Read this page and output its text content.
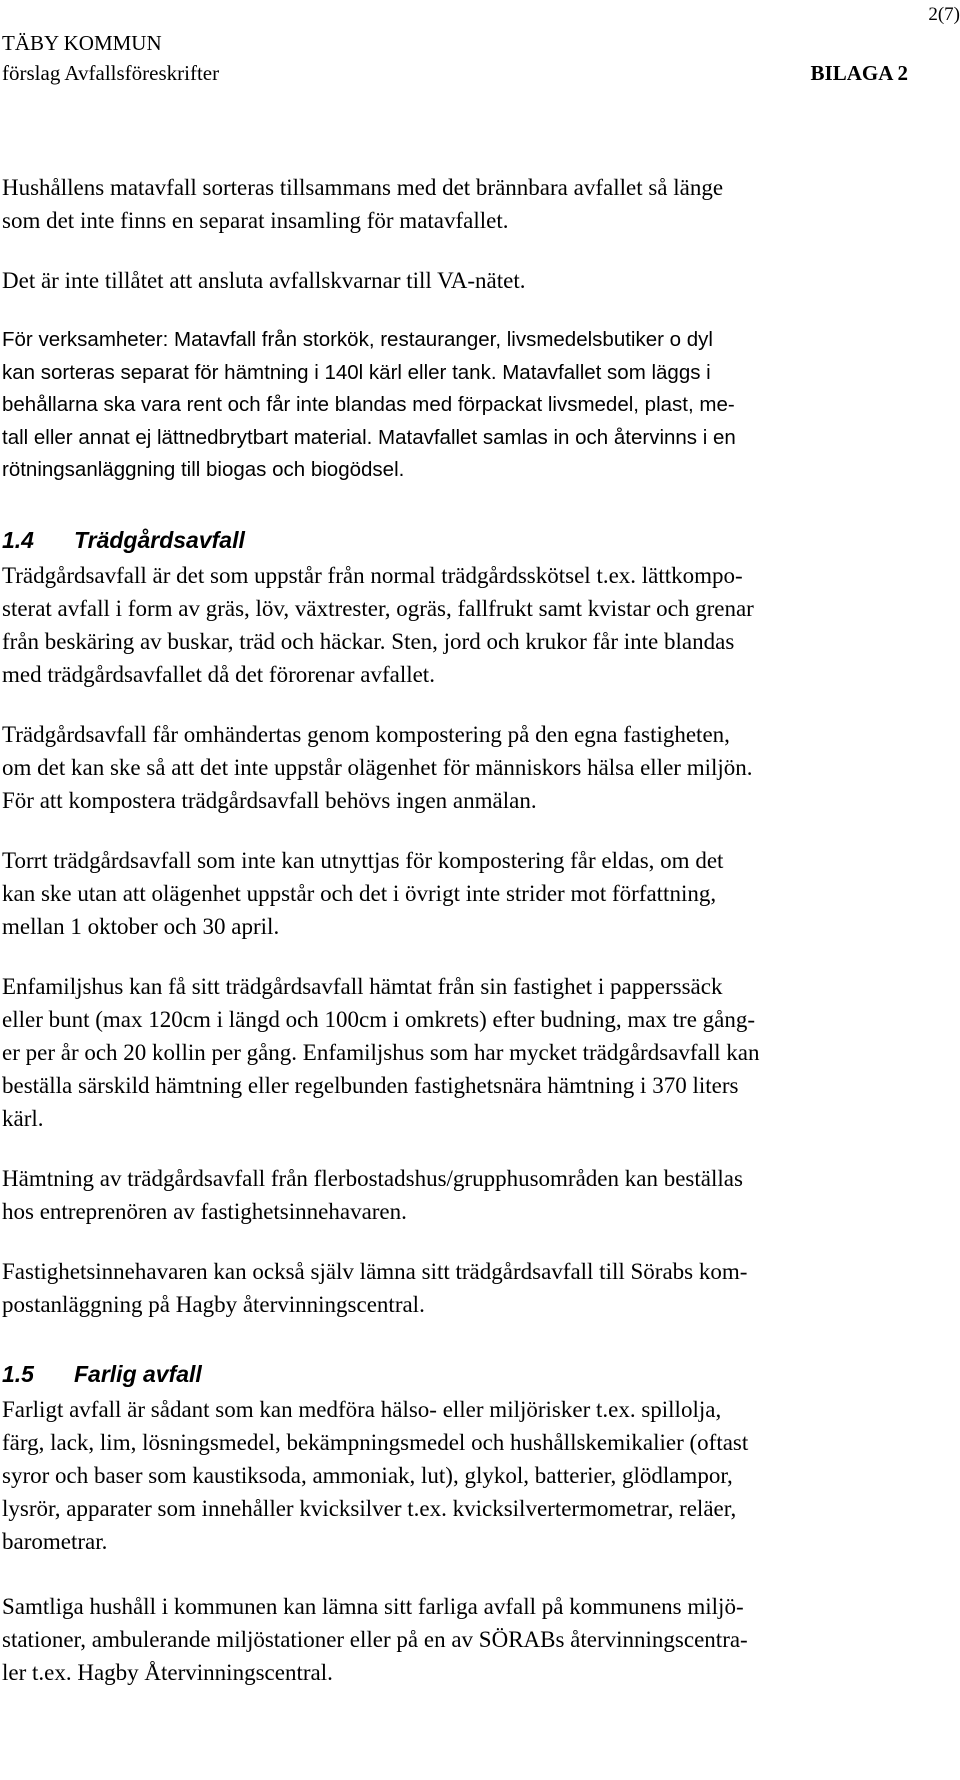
2(7)
TÄBY KOMMUN
förslag Avfallsföreskrifter	BILAGA 2

Hushållens matavfall sorteras tillsammans med det brännbara avfallet så länge

som det inte finns en separat insamling för matavfallet.

Det är inte tillåtet att ansluta avfallskvarnar till VA-nätet.

För verksamheter: Matavfall från storkök, restauranger, livsmedelsbutiker o dyl

kan sorteras separat för hämtning i 140l kärl eller tank. Matavfallet som läggs i

behållarna ska vara rent och får inte blandas med förpackat livsmedel, plast, me-

tall eller annat ej lättnedbrytbart material. Matavfallet samlas in och återvinns i en

rötningsanläggning till biogas och biogödsel.

1.4 Trädgårdsavfall

Trädgårdsavfall är det som uppstår från normal trädgårdsskötsel t.ex. lättkompo-

sterat avfall i form av gräs, löv, växtrester, ogräs, fallfrukt samt kvistar och grenar

från beskäring av buskar, träd och häckar. Sten, jord och krukor får inte blandas

med trädgårdsavfallet då det förorenar avfallet.

Trädgårdsavfall får omhändertas genom kompostering på den egna fastigheten,

om det kan ske så att det inte uppstår olägenhet för människors hälsa eller miljön.

För att kompostera trädgårdsavfall behövs ingen anmälan.

Torrt trädgårdsavfall som inte kan utnyttjas för kompostering får eldas, om det

kan ske utan att olägenhet uppstår och det i övrigt inte strider mot författning,

mellan 1 oktober och 30 april.

Enfamiljshus kan få sitt trädgårdsavfall hämtat från sin fastighet i papperssäck

eller bunt (max 120cm i längd och 100cm i omkrets) efter budning, max tre gång-

er per år och 20 kollin per gång. Enfamiljshus som har mycket trädgårdsavfall kan

beställa särskild hämtning eller regelbunden fastighetsnära hämtning i 370 liters

kärl.

Hämtning av trädgårdsavfall från flerbostadshus/grupphusområden kan beställas

hos entreprenören av fastighetsinnehavaren.

Fastighetsinnehavaren kan också själv lämna sitt trädgårdsavfall till Sörabs kom-

postanläggning på Hagby återvinningscentral.

1.5 Farlig avfall

Farligt avfall är sådant som kan medföra hälso- eller miljörisker t.ex. spillolja,

färg, lack, lim, lösningsmedel, bekämpningsmedel och hushållskemikalier (oftast

syror och baser som kaustiksoda, ammoniak, lut), glykol, batterier, glödlampor,

lysrör, apparater som innehåller kvicksilver t.ex. kvicksilvertermometrar, reläer,

barometrar.

Samtliga hushåll i kommunen kan lämna sitt farliga avfall på kommunens miljö-

stationer, ambulerande miljöstationer eller på en av SÖRABs återvinningscentra-

ler t.ex. Hagby Återvinningscentral.
